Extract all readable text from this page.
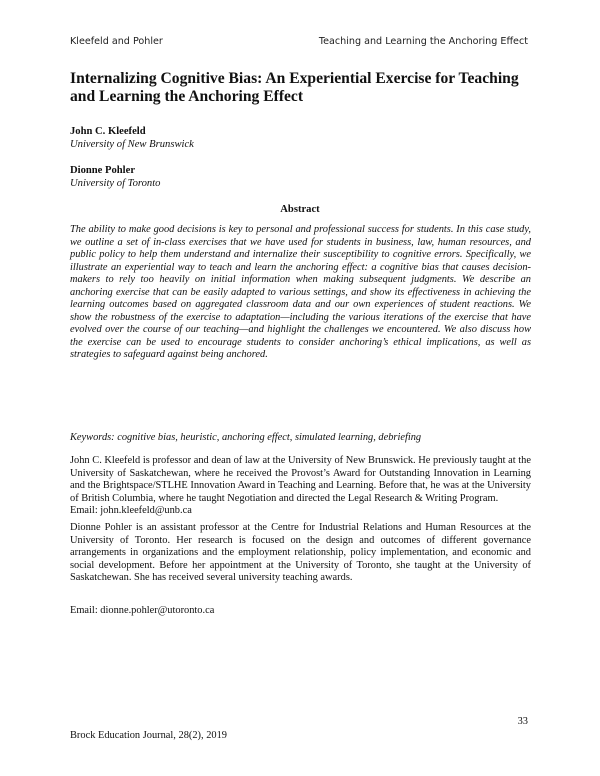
Kleefeld and Pohler	Teaching and Learning the Anchoring Effect
Internalizing Cognitive Bias: An Experiential Exercise for Teaching and Learning the Anchoring Effect
John C. Kleefeld
University of New Brunswick
Dionne Pohler
University of Toronto
Abstract

The ability to make good decisions is key to personal and professional success for students. In this case study, we outline a set of in-class exercises that we have used for students in business, law, human resources, and public policy to help them understand and internalize their susceptibility to cognitive errors. Specifically, we illustrate an experiential way to teach and learn the anchoring effect: a cognitive bias that causes decision-makers to rely too heavily on initial information when making subsequent judgments. We describe an anchoring exercise that can be easily adapted to various settings, and show its effectiveness in achieving the learning outcomes based on aggregated classroom data and our own experiences of student reactions. We show the robustness of the exercise to adaptation—including the various iterations of the exercise that have evolved over the course of our teaching—and highlight the challenges we encountered. We also discuss how the exercise can be used to encourage students to consider anchoring’s ethical implications, as well as strategies to safeguard against being anchored.

Keywords: cognitive bias, heuristic, anchoring effect, simulated learning, debriefing

John C. Kleefeld is professor and dean of law at the University of New Brunswick. He previously taught at the University of Saskatchewan, where he received the Provost’s Award for Outstanding Innovation in Learning and the Brightspace/STLHE Innovation Award in Teaching and Learning. Before that, he was at the University of British Columbia, where he taught Negotiation and directed the Legal Research & Writing Program.

Email: john.kleefeld@unb.ca

Dionne Pohler is an assistant professor at the Centre for Industrial Relations and Human Resources at the University of Toronto. Her research is focused on the design and outcomes of different governance arrangements in organizations and the employment relationship, policy implementation, and economic and social development. Before her appointment at the University of Toronto, she taught at the University of Saskatchewan. She has received several university teaching awards.

Email: dionne.pohler@utoronto.ca
33
Brock Education Journal, 28(2), 2019
